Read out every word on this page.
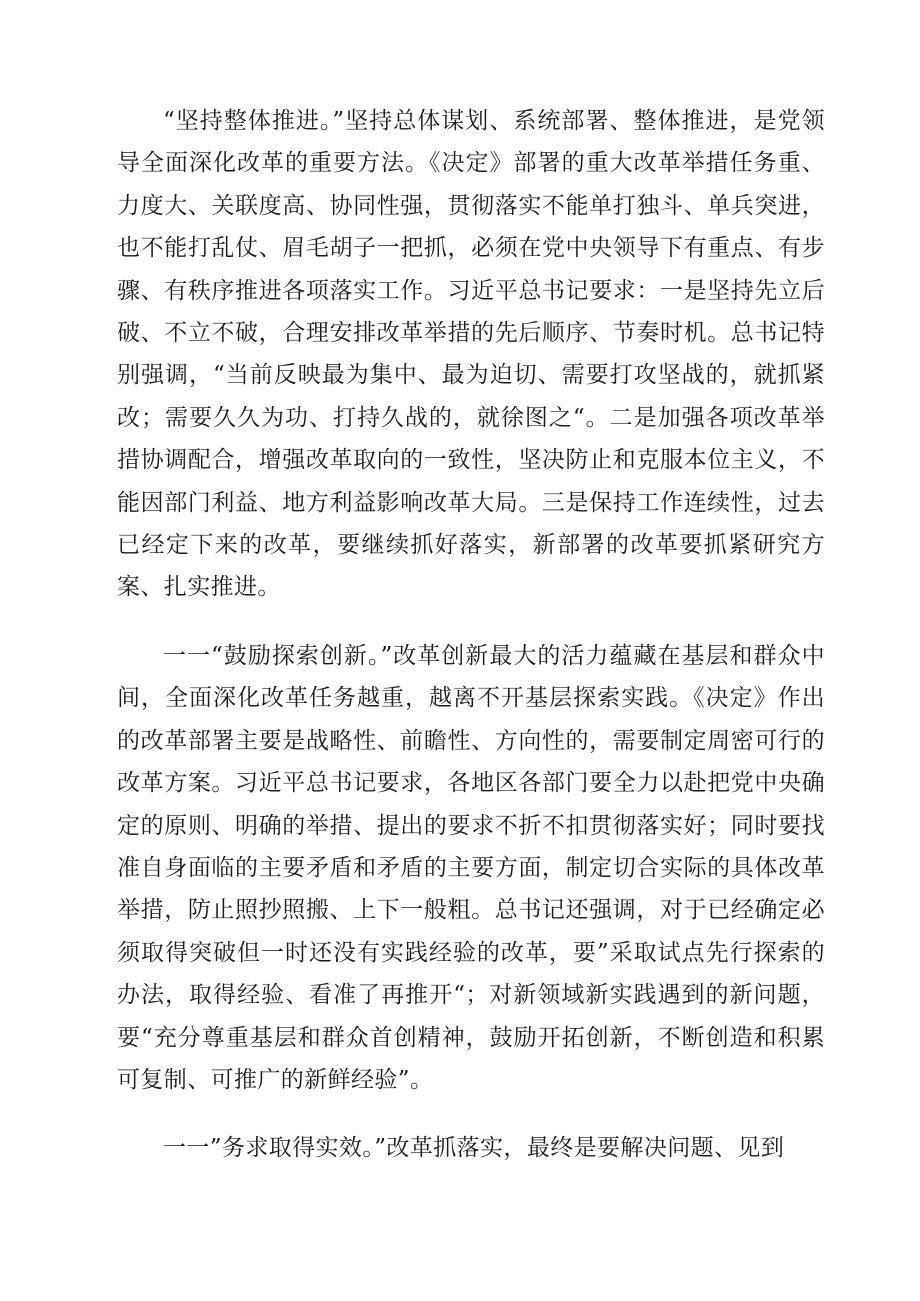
“坚持整体推进。”坚持总体谋划、系统部署、整体推进，是党领导全面深化改革的重要方法。《决定》部署的重大改革举措任务重、力度大、关联度高、协同性强，贯彻落实不能单打独斗、单兵突进，也不能打乱仗、眉毛胡子一把抓，必须在党中央领导下有重点、有步骤、有秩序推进各项落实工作。习近平总书记要求：一是坚持先立后破、不立不破，合理安排改革举措的先后顺序、节奏时机。总书记特别强调，“当前反映最为集中、最为迫切、需要打攻坚战的，就抓紧改；需要久久为功、打持久战的，就徐图之“。二是加强各项改革举措协调配合，增强改革取向的一致性，坚决防止和克服本位主义，不能因部门利益、地方利益影响改革大局。三是保持工作连续性，过去已经定下来的改革，要继续抓好落实，新部署的改革要抓紧研究方案、扎实推进。

一一“鼓励探索创新。”改革创新最大的活力蕴藏在基层和群众中间，全面深化改革任务越重，越离不开基层探索实践。《决定》作出的改革部署主要是战略性、前瞻性、方向性的，需要制定周密可行的改革方案。习近平总书记要求，各地区各部门要全力以赴把党中央确定的原则、明确的举措、提出的要求不折不扣贯彻落实好；同时要找准自身面临的主要矛盾和矛盾的主要方面，制定切合实际的具体改革举措，防止照抄照搬、上下一般粗。总书记还强调，对于已经确定必须取得突破但一时还没有实践经验的改革，要”采取试点先行探索的办法，取得经验、看准了再推开“；对新领域新实践遇到的新问题，要“充分尊重基层和群众首创精神，鼓励开拓创新，不断创造和积累可复制、可推广的新鲜经验”。

一一”务求取得实效。”改革抓落实，最终是要解决问题、见到
